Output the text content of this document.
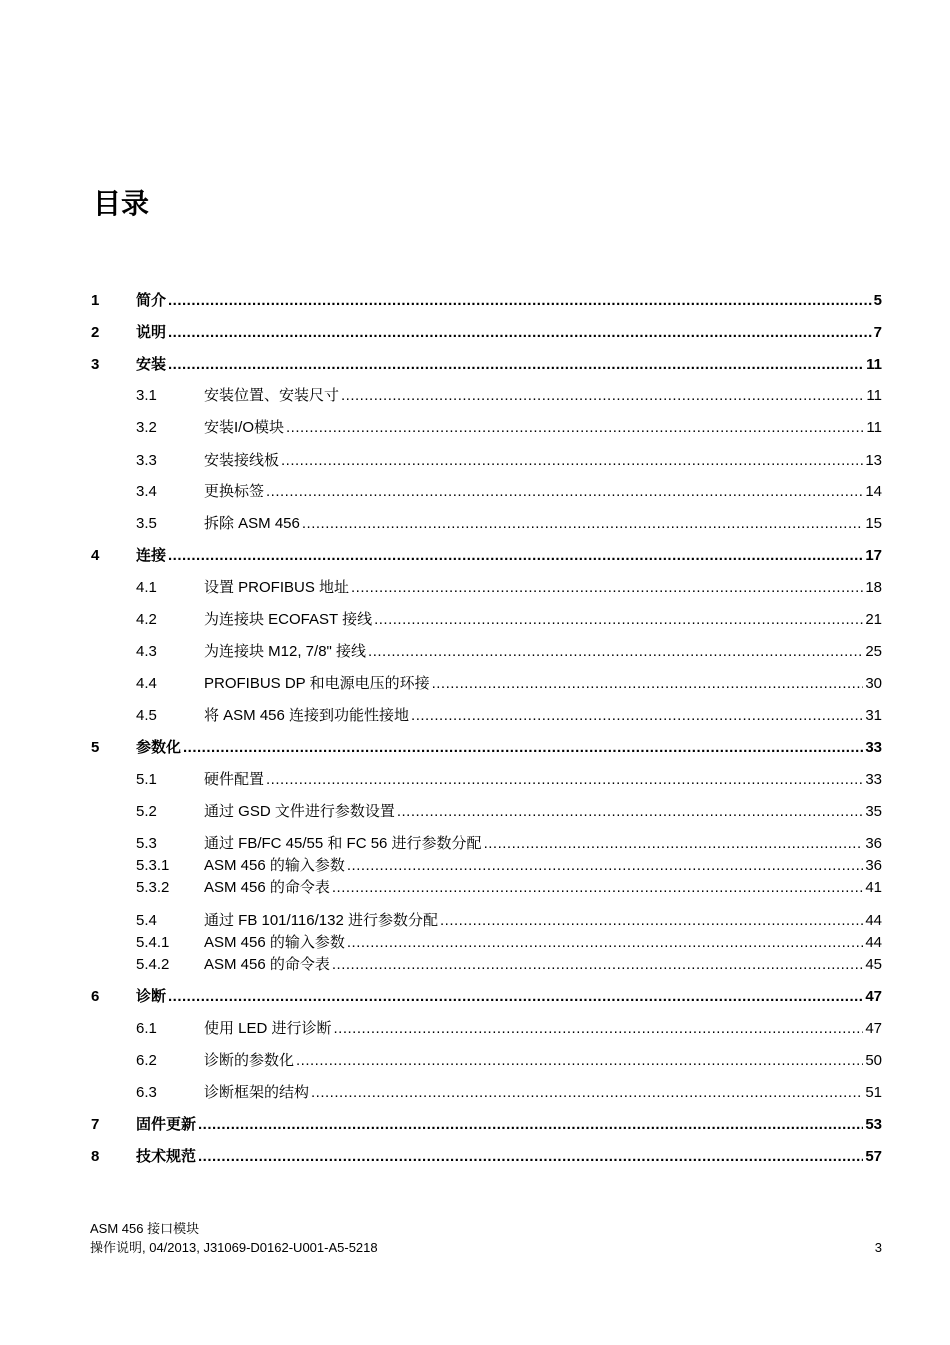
目录
1	简介 .....	5
2	说明 .....	7
3	安装 .....	11
3.1	安装位置、安装尺寸 .....	11
3.2	安装I/O模块 .....	11
3.3	安装接线板 .....	13
3.4	更换标签 .....	14
3.5	拆除 ASM 456 .....	15
4	连接 .....	17
4.1	设置 PROFIBUS 地址 .....	18
4.2	为连接块 ECOFAST 接线 .....	21
4.3	为连接块 M12, 7/8" 接线 .....	25
4.4	PROFIBUS DP 和电源电压的环接 .....	30
4.5	将 ASM 456 连接到功能性接地 .....	31
5	参数化 .....	33
5.1	硬件配置 .....	33
5.2	通过 GSD 文件进行参数设置 .....	35
5.3	通过 FB/FC 45/55 和 FC 56 进行参数分配 .....	36
5.3.1	ASM 456 的输入参数 .....	36
5.3.2	ASM 456 的命令表 .....	41
5.4	通过 FB 101/116/132 进行参数分配 .....	44
5.4.1	ASM 456 的输入参数 .....	44
5.4.2	ASM 456 的命令表 .....	45
6	诊断 .....	47
6.1	使用 LED 进行诊断 .....	47
6.2	诊断的参数化 .....	50
6.3	诊断框架的结构 .....	51
7	固件更新 .....	53
8	技术规范 .....	57
ASM 456 接口模块
操作说明, 04/2013, J31069-D0162-U001-A5-5218	3
